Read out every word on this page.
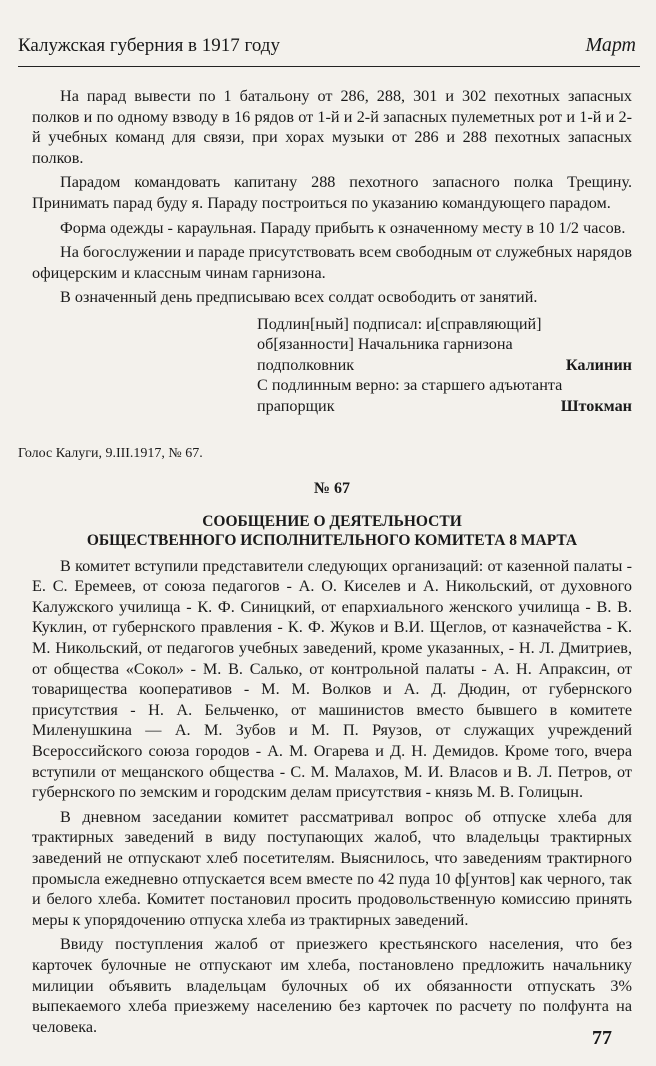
Калужская губерния в 1917 году	Март

На парад вывести по 1 батальону от 286, 288, 301 и 302 пехотных запасных полков и по одному взводу в 16 рядов от 1-й и 2-й запасных пулеметных рот и 1-й и 2-й учебных команд для связи, при хорах музыки от 286 и 288 пехотных запасных полков.

Парадом командовать капитану 288 пехотного запасного полка Трещину. Принимать парад буду я. Параду построиться по указанию командующего парадом.

Форма одежды - караульная. Параду прибыть к означенному месту в 10 1/2 часов.

На богослужении и параде присутствовать всем свободным от служебных нарядов офицерским и классным чинам гарнизона.

В означенный день предписываю всех солдат освободить от занятий.

Подлин[ный] подписал: и[справляющий]
об[язанности] Начальника гарнизона
подполковник	Калинин
С подлинным верно: за старшего адъютанта
прапорщик	Штокман
Голос Калуги, 9.III.1917, № 67.
№ 67
СООБЩЕНИЕ О ДЕЯТЕЛЬНОСТИ
ОБЩЕСТВЕННОГО ИСПОЛНИТЕЛЬНОГО КОМИТЕТА 8 МАРТА

В комитет вступили представители следующих организаций: от казенной палаты - Е. С. Еремеев, от союза педагогов - А. О. Киселев и А. Никольский, от духовного Калужского училища - К. Ф. Синицкий, от епархиального женского училища - В. В. Куклин, от губернского правления - К. Ф. Жуков и В.И. Щеглов, от казначейства - К. М. Никольский, от педагогов учебных заведений, кроме указанных, - Н. Л. Дмитриев, от общества «Сокол» - М. В. Салько, от контрольной палаты - А. Н. Апраксин, от товарищества кооперативов - М. М. Волков и А. Д. Дюдин, от губернского присутствия - Н. А. Бельченко, от машинистов вместо бывшего в комитете Миленушкина — А. М. Зубов и М. П. Ряузов, от служащих учреждений Всероссийского союза городов - А. М. Огарева и Д. Н. Демидов. Кроме того, вчера вступили от мещанского общества - С. М. Малахов, М. И. Власов и В. Л. Петров, от губернского по земским и городским делам присутствия - князь М. В. Голицын.

В дневном заседании комитет рассматривал вопрос об отпуске хлеба для трактирных заведений в виду поступающих жалоб, что владельцы трактирных заведений не отпускают хлеб посетителям. Выяснилось, что заведениям трактирного промысла ежедневно отпускается всем вместе по 42 пуда 10 ф[унтов] как черного, так и белого хлеба. Комитет постановил просить продовольственную комиссию принять меры к упорядочению отпуска хлеба из трактирных заведений.

Ввиду поступления жалоб от приезжего крестьянского населения, что без карточек булочные не отпускают им хлеба, постановлено предложить начальнику милиции объявить владельцам булочных об их обязанности отпускать 3% выпекаемого хлеба приезжему населению без карточек по расчету по полфунта на человека.

77
